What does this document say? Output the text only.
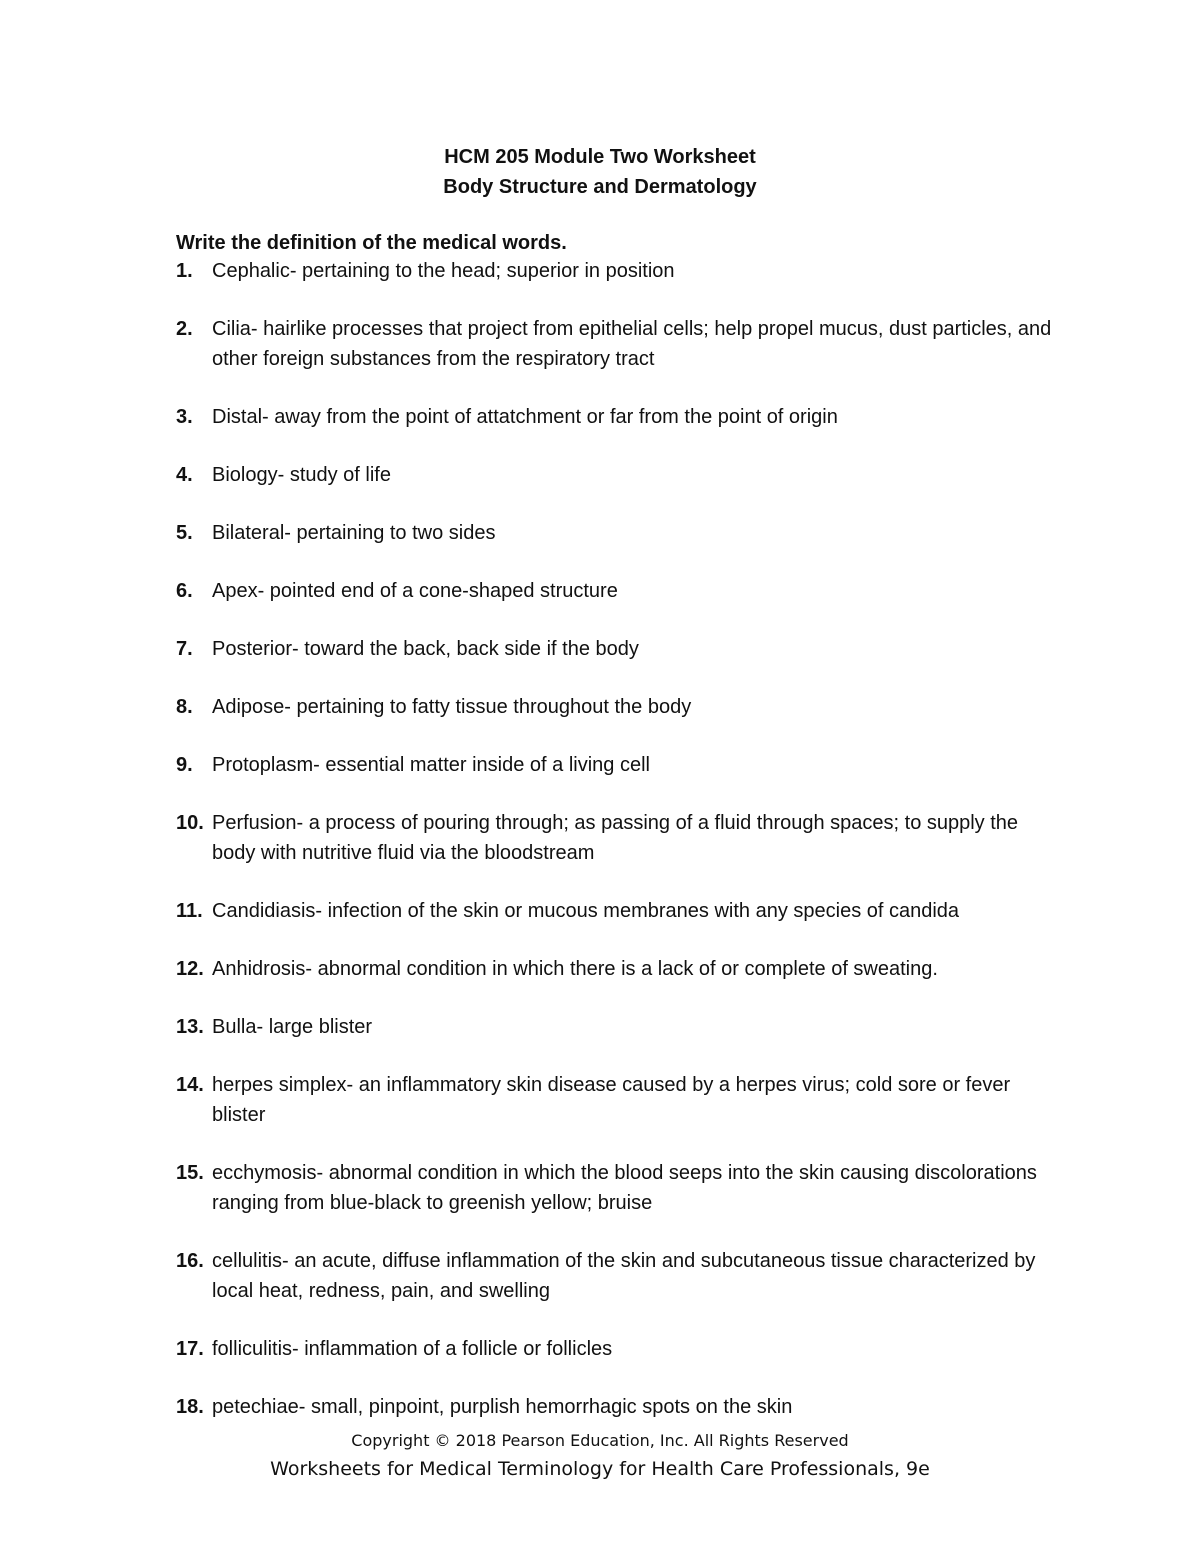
HCM 205 Module Two Worksheet
Body Structure and Dermatology
Write the definition of the medical words.
1. Cephalic- pertaining to the head; superior in position
2. Cilia- hairlike processes that project from epithelial cells; help propel mucus, dust particles, and other foreign substances from the respiratory tract
3. Distal- away from the point of attatchment or far from the point of origin
4. Biology- study of life
5. Bilateral- pertaining to two sides
6. Apex- pointed end of a cone-shaped structure
7. Posterior- toward the back, back side if the body
8. Adipose- pertaining to fatty tissue throughout the body
9. Protoplasm- essential matter inside of a living cell
10. Perfusion- a process of pouring through; as passing of a fluid through spaces; to supply the body with nutritive fluid via the bloodstream
11. Candidiasis- infection of the skin or mucous membranes with any species of candida
12. Anhidrosis- abnormal condition in which there is a lack of or complete of sweating.
13. Bulla- large blister
14. herpes simplex- an inflammatory skin disease caused by a herpes virus; cold sore or fever blister
15. ecchymosis- abnormal condition in which the blood seeps into the skin causing discolorations ranging from blue-black to greenish yellow; bruise
16. cellulitis- an acute, diffuse inflammation of the skin and subcutaneous tissue characterized by local heat, redness, pain, and swelling
17. folliculitis- inflammation of a follicle or follicles
18. petechiae- small, pinpoint, purplish hemorrhagic spots on the skin
Copyright © 2018 Pearson Education, Inc. All Rights Reserved
Worksheets for Medical Terminology for Health Care Professionals, 9e
